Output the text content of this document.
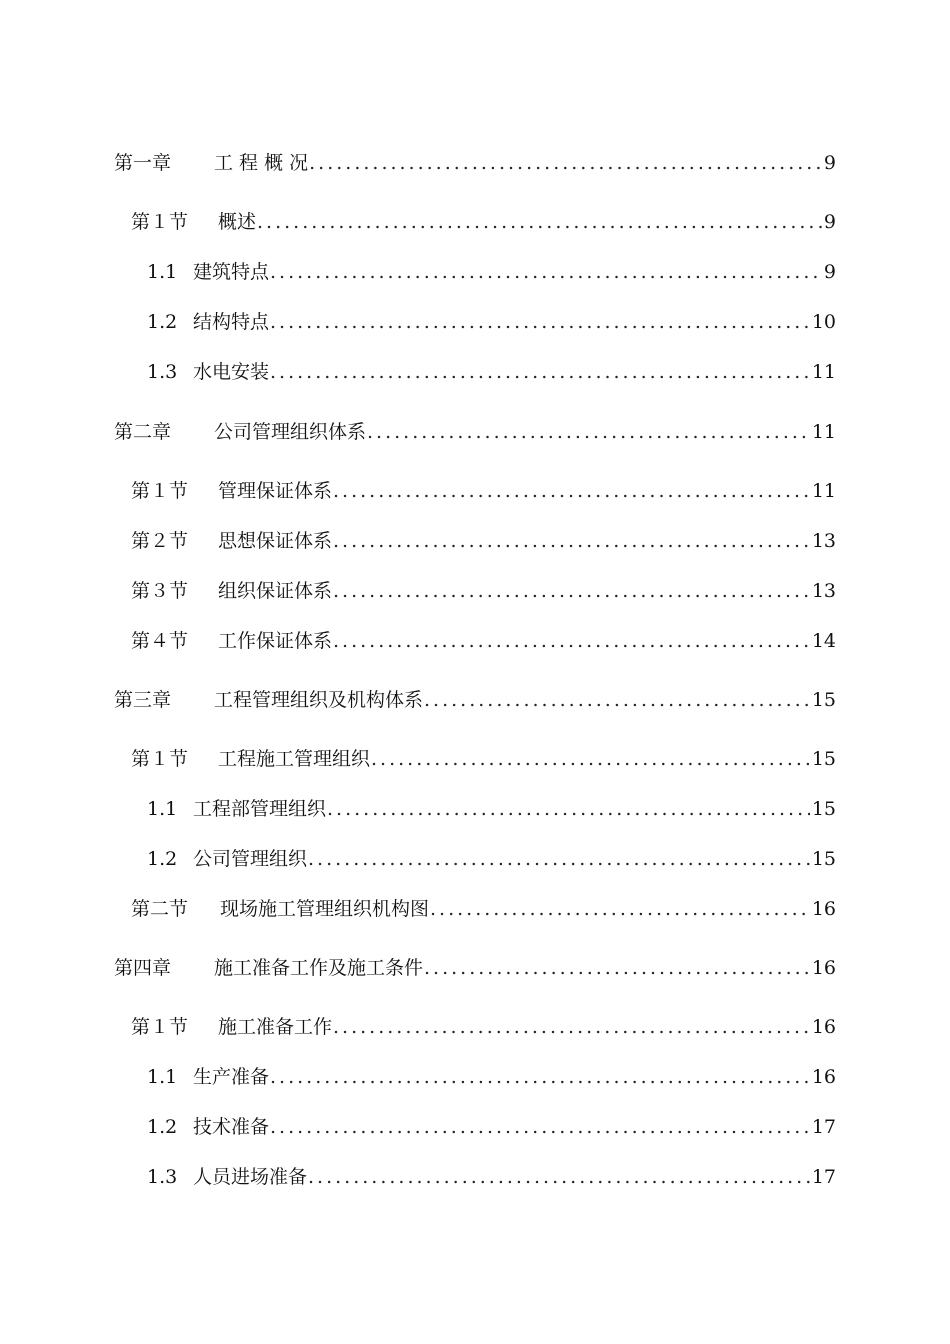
第一章	工 程 概 况 .....	9
第１节	概述 .....	9
1.1 建筑特点 .....	9
1.2 结构特点 .....	10
1.3 水电安装 .....	11
第二章	公司管理组织体系 .....	11
第１节	管理保证体系 .....	11
第２节	思想保证体系 .....	13
第３节	组织保证体系 .....	13
第４节	工作保证体系 .....	14
第三章	工程管理组织及机构体系 .....	15
第１节	工程施工管理组织 .....	15
1.1 工程部管理组织 .....	15
1.2 公司管理组织 .....	15
第二节	现场施工管理组织机构图 .....	16
第四章	施工准备工作及施工条件 .....	16
第１节	施工准备工作 .....	16
1.1 生产准备 .....	16
1.2 技术准备 .....	17
1.3 人员进场准备 .....	17
